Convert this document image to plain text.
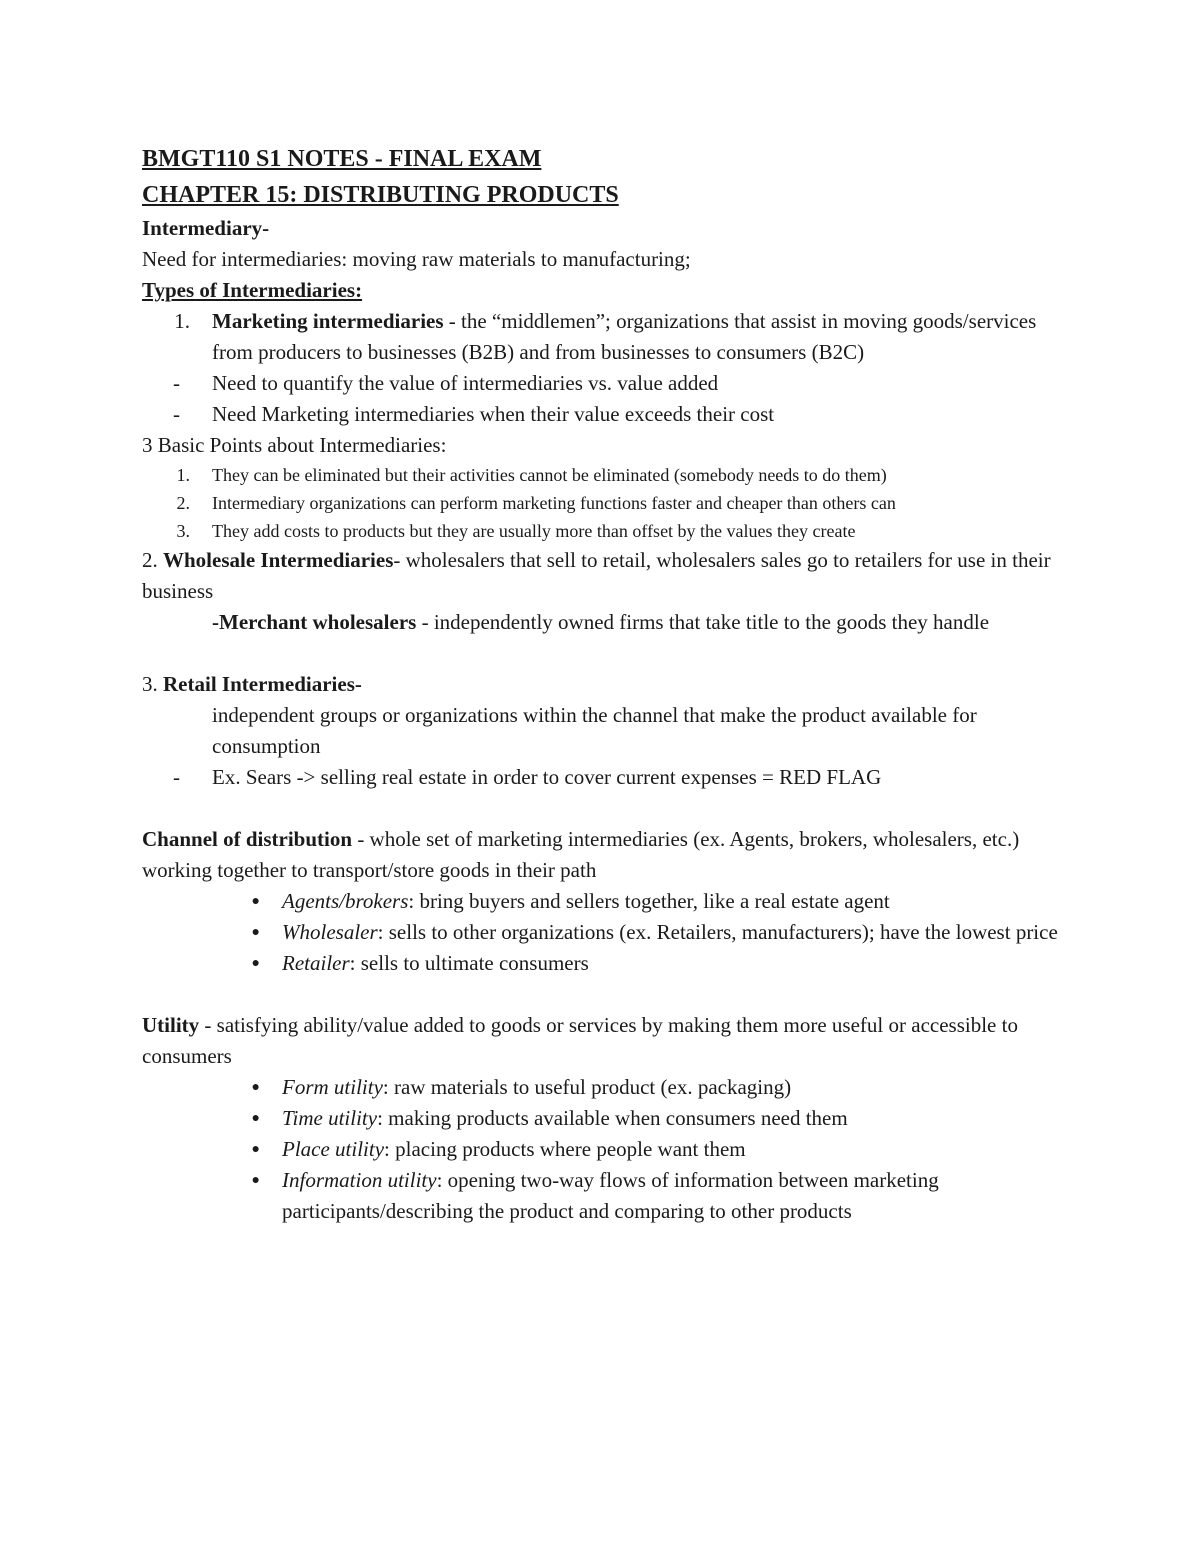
BMGT110 S1 NOTES - FINAL EXAM

CHAPTER 15: DISTRIBUTING PRODUCTS

Intermediary-

Need for intermediaries: moving raw materials to manufacturing;

Types of Intermediaries:

1.	Marketing intermediaries - the “middlemen”; organizations that assist in moving goods/services from producers to businesses (B2B) and from businesses to consumers (B2C)
-	Need to quantify the value of intermediaries vs. value added
-	Need Marketing intermediaries when their value exceeds their cost

3 Basic Points about Intermediaries:

1.	They can be eliminated but their activities cannot be eliminated (somebody needs to do them)
2.	Intermediary organizations can perform marketing functions faster and cheaper than others can
3.	They add costs to products but they are usually more than offset by the values they create

2. Wholesale Intermediaries- wholesalers that sell to retail, wholesalers sales go to retailers for use in their business

-Merchant wholesalers - independently owned firms that take title to the goods they handle

3. Retail Intermediaries-

independent groups or organizations within the channel that make the product available for consumption

-	Ex. Sears -> selling real estate in order to cover current expenses = RED FLAG

Channel of distribution - whole set of marketing intermediaries (ex. Agents, brokers, wholesalers, etc.) working together to transport/store goods in their path

●	Agents/brokers: bring buyers and sellers together, like a real estate agent
●	Wholesaler: sells to other organizations (ex. Retailers, manufacturers); have the lowest price
●	Retailer: sells to ultimate consumers

Utility - satisfying ability/value added to goods or services by making them more useful or accessible to consumers

●	Form utility: raw materials to useful product (ex. packaging)
●	Time utility: making products available when consumers need them
●	Place utility: placing products where people want them
●	Information utility: opening two-way flows of information between marketing participants/describing the product and comparing to other products
